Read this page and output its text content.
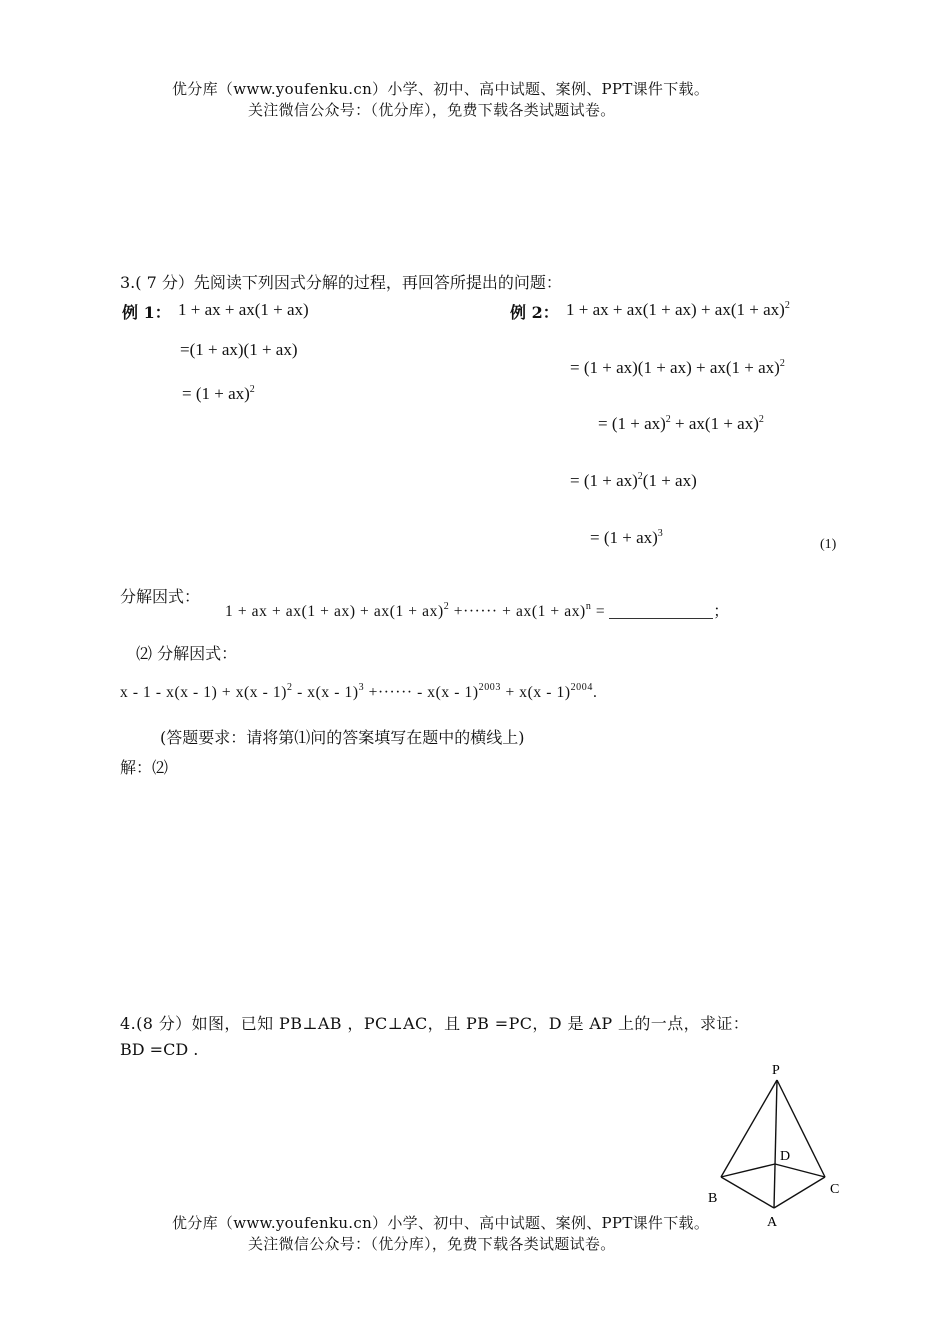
优分库（www.youfenku.cn）小学、初中、高中试题、案例、PPT课件下载。
关注微信公众号：（优分库），免费下载各类试题试卷。
3.( 7 分）先阅读下列因式分解的过程，再回答所提出的问题：
例 1： 1 + ax + ax(1 + ax)
=(1 + ax)(1 + ax)
= (1 + ax)$^2$
例 2： 1 + ax + ax(1 + ax) + ax(1 + ax)$^2$
= (1 + ax)(1 + ax) + ax(1 + ax)$^2$
= (1 + ax)$^2$ + ax(1 + ax)$^2$
= (1 + ax)$^2$(1 + ax)
= (1 + ax)$^3$
(1)
分解因式：
1 + ax + ax(1 + ax) + ax(1 + ax)$^2$ +······ + ax(1 + ax)$^n$ =	；
⑵ 分解因式：
x - 1 - x(x - 1) + x(x - 1)$^2$ - x(x - 1)$^3$ +······ - x(x - 1)$^{2003}$ + x(x - 1)$^{2004}$.
(答题要求：请将第⑴问的答案填写在题中的横线上)
解：⑵
4.(8 分）如图，已知 PB⊥AB ，PC⊥AC，且 PB =PC，D 是 AP 上的一点，求证：
BD =CD .
P
D
B
C
A
优分库（www.youfenku.cn）小学、初中、高中试题、案例、PPT课件下载。
关注微信公众号：（优分库），免费下载各类试题试卷。
